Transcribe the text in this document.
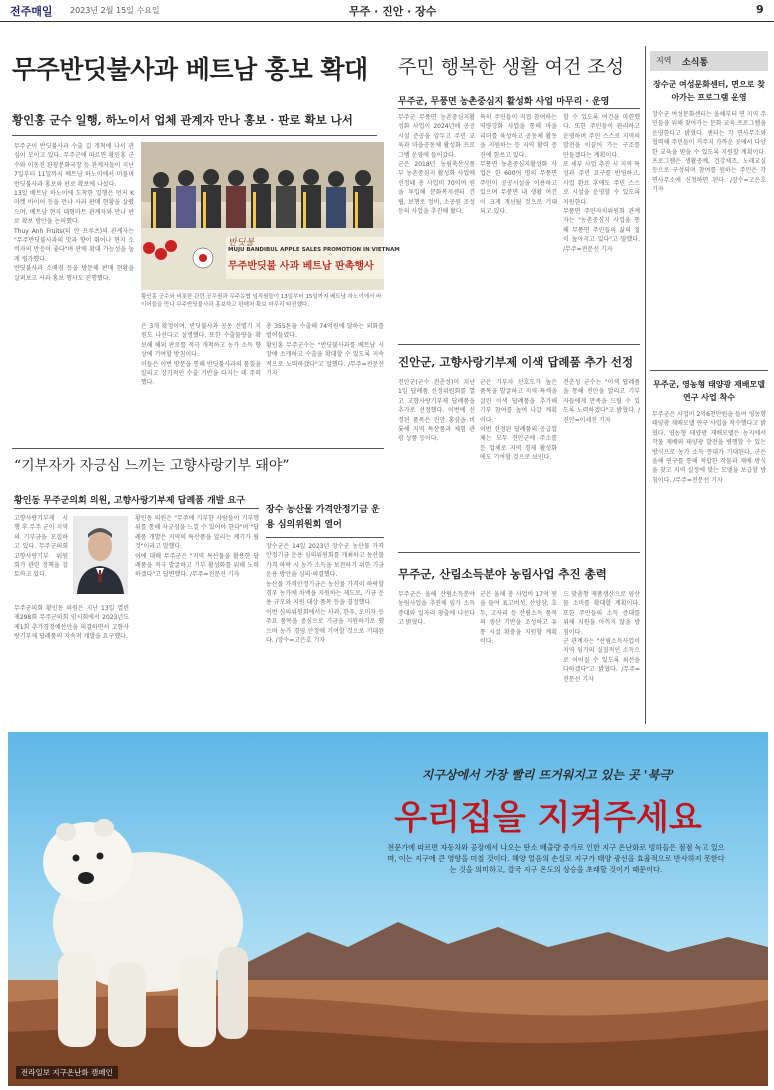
전주매일 2023년 2월 15일 수요일	무주 · 진안 · 장수	9
무주반딧불사과 베트남 홍보 확대
황인홍 군수 일행, 하노이서 업체 관계자 만나 홍보 · 판로 확보 나서

무주군이 반딧불사과 수출 길 개척에 나서 관심이 모이고 있다. 무주군에 따르면 황인홍 군수와 이동진 관광문화국장 등 관계자들이 지난 7일부터 11일까지 베트남 하노이에서 머물며 반딧불사과 홍보와 판로 확보에 나섰다.

13일 베트남 하노이에 도착한 일행은 먼저 K마켓 바이어 등을 만나 사과 판매 현황을 살폈으며, 베트남 현지 대형마트 관계자와 만나 판로 확보 방안을 논의했다.

Thuy Anh Fruits(티 안 프루츠)의 관계자는 "무주반딧불사과의 맛과 향이 뛰어나 현지 소비자의 반응이 좋다"며 판매 확대 가능성을 높게 평가했다.

반딧불사과 소매점 등을 방문해 판매 현황을 살펴보고 사과 홍보 행사도 진행했다.

반딧불
MUJU BANDIBUL APPLE SALES PROMOTION IN VIETNAM
무주반딧불 사과 베트남 판촉행사
황인홍 군수와 비롯한 관련 공무원과 무주농협 임직원들이 13일부터 15일까지 베트남 하노이에서 바이어들을 만나 무주반딧불사과 홍보하고 판매처 확보 마무리 타진했다.

은 3개 확정이며, 반딧불사과 공동 선별기 지원도 나선다고 설명했다. 또한 수출물량을 확보해 해외 판로를 적극 개척하고 농가 소득 향상에 기여할 방침이다.

이들은 이번 방문을 통해 반딧불사과의 품질을 알리고 장기적인 수출 기반을 다지는 데 주력했다.

총 355톤을 수출해 74억원에 달하는 외화를 벌어들였다.

황인홍 무주군수는 "반딧불사과를 베트남 시장에 소개하고 수출을 확대할 수 있도록 지속적으로 노력하겠다"고 말했다. /무주=전문선 기자

주민 행복한 생활 여건 조성
무주군, 무풍면 농촌중심지 활성화 사업 마무리 · 운영

무주군 무풍면 농촌중심지활성화 사업이 2024년에 공공시설 준공을 앞두고 주민 교육과 마을공동체 활성화 프로그램 운영에 들어갔다.

군은 2018년 농림축산식품부 농촌중심지 활성화 사업에 선정돼 총 사업비 70억여 원을 투입해 문화복지센터 건립, 보행로 정비, 소공원 조성 등의 사업을 추진해 왔다.

특히 주민들이 직접 참여하는 역량강화 사업을 통해 마을 리더를 육성하고 공동체 활동을 지원하는 등 지역 활력 증진에 힘쓰고 있다.

무풍면 농촌중심지활성화 사업은 한 600여 명의 무풍면 주민이 공공시설을 이용하고 있으며 무풍면 내 생활 여건이 크게 개선될 것으로 기대되고 있다.

할 수 있도록 여건을 마련했다. 또한 주민들이 관리하고 운영하며 주민 스스로 지역의 발전을 이끌어 가는 구조를 만들겠다는 계획이다.

또 세부 사업 추진 시 지역 특성과 주민 요구를 반영하고, 사업 완료 후에도 주민 스스로 시설을 운영할 수 있도록 지원한다.

무풍면 주민자치위원회 관계자는 "농촌중심지 사업을 통해 무풍면 주민들의 삶의 질이 높아지고 있다"고 말했다. /무주=전문선 기자

진안군, 고향사랑기부제 이색 답례품 추가 선정

진안군(군수 전춘성)이 지난 1일 답례품 선정위원회를 열고 고향사랑기부제 답례품을 추가로 선정했다. 이번에 선정된 품목은 진안 홍삼을 비롯해 지역 특산품과 체험 관광 상품 등이다.

군은 기부자 선호도가 높은 품목을 발굴하고 지역 특색을 살린 이색 답례품을 추가해 기부 참여를 높여 나갈 계획이다.

이번 선정된 답례품의 공급업체는 모두 진안군에 주소를 둔 업체로 지역 경제 활성화에도 기여할 것으로 보인다.

전춘성 군수는 "이색 답례품을 통해 진안을 알리고 기부자들에게 만족을 드릴 수 있도록 노력하겠다"고 밝혔다. /진안=이세진 기자

“기부자가 자긍심 느끼는 고향사랑기부 돼야”
황인동 무주군의회 의원, 고향사랑기부제 답례품 개발 요구

고향사랑기부제 시행 후 무주 군이 지역의 기부금을 모집하고 있다. 무주군의회 고향사랑기부 위원회가 관련 정책을 검토하고 있다.

무주군의회 황인동 의원은 지난 13일 열린 제298회 무주군의회 임시회에서 2023년도 제1회 추가경정예산안을 의결하면서 고향사랑기부제 답례품의 지속적 개발을 요구했다.

황인동 의원은 "무주에 기부한 사람들이 기부행위를 통해 자긍심을 느낄 수 있어야 한다"며 "답례품 개발은 지역의 특산품을 알리는 계기가 될 것"이라고 말했다.

이에 대해 무주군은 "지역 특산물을 활용한 답례품을 적극 발굴하고 기부 활성화를 위해 노력하겠다"고 답변했다. /무주=전문선 기자

장수 농산물 가격안정기금 운용 심의위원회 열어

장수군은 14일 2023년 장수군 농산물 가격안정기금 운용 심의위원회를 개최하고 농산물 가격 하락 시 농가 소득을 보전하기 위한 기금 운용 방안을 심의·의결했다.

농산물 가격안정기금은 농산물 가격이 하락할 경우 농가에 차액을 지원하는 제도로, 기금 운용 규모와 지원 대상 품목 등을 결정했다.

이번 심의위원회에서는 사과, 한우, 오미자 등 주요 품목을 중심으로 기금을 지원하기로 했으며 농가 경영 안정에 기여할 것으로 기대된다. /장수=고은호 기자

무주군, 산림소득분야 농림사업 추진 총력

무주군은 올해 산림소득분야 농림사업을 추진해 임가 소득증대와 일자리 창출에 나선다고 밝혔다.

군은 올해 총 사업비 17억 원을 들여 표고버섯, 산양삼, 호두, 고사리 등 산림소득 품목의 생산 기반을 조성하고 유통 시설 확충을 지원할 계획이다.

드 맞춤형 제품생산으로 임산물 소비를 확대할 계획이다. 또한 주민들의 소득 증대를 위해 지원을 아끼지 않을 방침이다.

군 관계자는 "산림소득사업이 지역 임가의 실질적인 소득으로 이어질 수 있도록 최선을 다하겠다"고 밝혔다. /무주=전문선 기자

지역 소식통
장수군 여성문화센터, 면으로 찾아가는 프로그램 운영
장수군 여성문화센터는 올해부터 면 지역 주민들을 위해 찾아가는 문화 교육 프로그램을 운영한다고 밝혔다. 센터는 각 면사무소와 협력해 주민들이 거주지 가까운 곳에서 다양한 교육을 받을 수 있도록 지원할 계획이다. 프로그램은 생활공예, 건강체조, 노래교실 등으로 구성되며 참여를 원하는 주민은 각 면사무소에 신청하면 된다. /장수=고은호 기자
무주군, 영농형 태양광 재배모델 연구 사업 착수
무주군은 사업비 2억6천만원을 들여 영농형 태양광 재배모델 연구 사업을 착수했다고 밝혔다. 영농형 태양광 재배모델은 농지에서 작물 재배와 태양광 발전을 병행할 수 있는 방식으로 농가 소득 증대가 기대된다. 군은 올해 연구를 통해 적합한 작물과 재배 방식을 찾고 지역 실정에 맞는 모델을 보급할 방침이다. /무주=전문선 기자
지구상에서 가장 빨리 뜨거워지고 있는 곳 '북극'
우리집을 지켜주세요
전문가에 따르면 자동차와 공장에서 나오는 탄소 배출량 증가로 인한 지구 온난화로 빙하들은 점점 녹고 있으며, 이는 지구에 큰 영향을 미칠 것이다. 해양 얼음의 손실로 지구가 태양 광선을 효율적으로 반사하지 못한다는 것을 의미하고, 결국 지구 온도의 상승을 초래할 것이기 때문이다.
전라일보 지구온난화 캠페인
